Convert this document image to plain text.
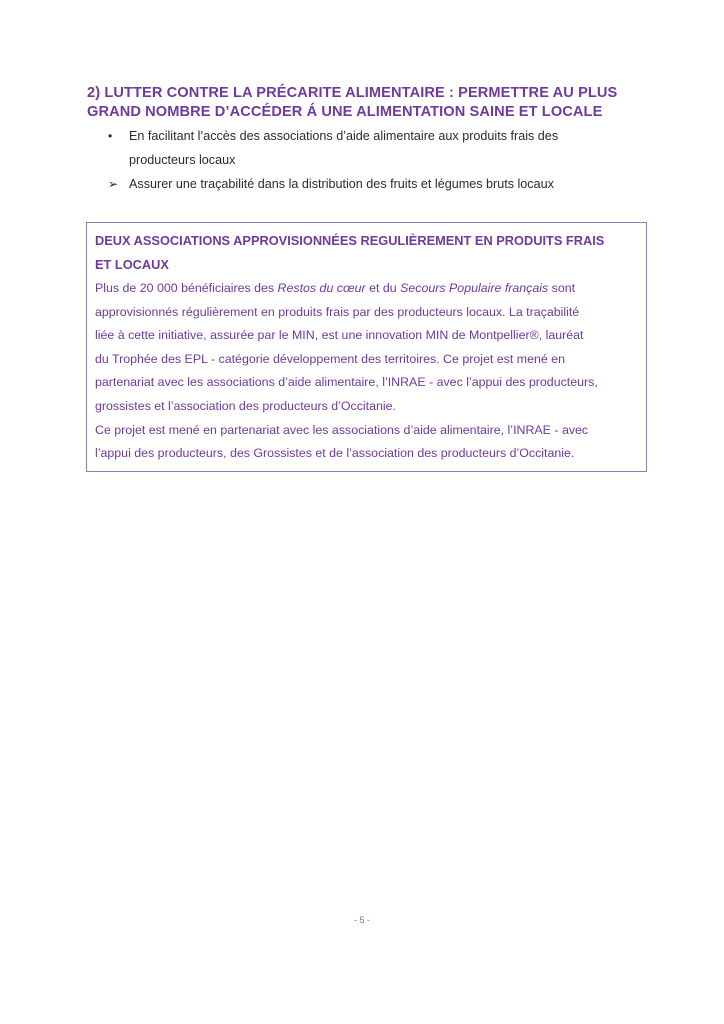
2) LUTTER CONTRE LA PRÉCARITE ALIMENTAIRE : PERMETTRE AU PLUS
GRAND NOMBRE D’ACCÉDER Á UNE ALIMENTATION SAINE ET LOCALE
•	En facilitant l’accès des associations d’aide alimentaire aux produits frais des
producteurs locaux
➢ Assurer une traçabilité dans la distribution des fruits et légumes bruts locaux
DEUX ASSOCIATIONS APPROVISIONNÉES REGULIÈREMENT EN PRODUITS FRAIS
ET LOCAUX
Plus de 20 000 bénéficiaires des Restos du cœur et du Secours Populaire français sont
approvisionnés régulièrement en produits frais par des producteurs locaux. La traçabilité
liée à cette initiative, assurée par le MIN, est une innovation MIN de Montpellier®, lauréat
du Trophée des EPL - catégorie développement des territoires. Ce projet est mené en
partenariat avec les associations d’aide alimentaire, l’INRAE - avec l’appui des producteurs,
grossistes et l’association des producteurs d’Occitanie.
Ce projet est mené en partenariat avec les associations d’aide alimentaire, l’INRAE - avec
l’appui des producteurs, des Grossistes et de l’association des producteurs d’Occitanie.
- 5 -
